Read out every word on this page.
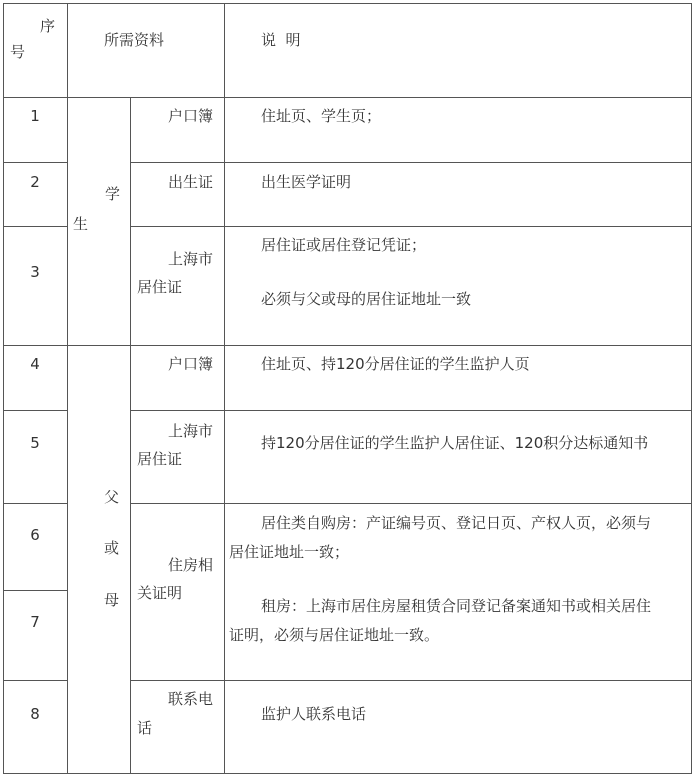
序
号
所需资料	说  明
学
生
父
或
母
1
2
3
4
5
6
7
8
户口簿
出生证
上海市
居住证
户口簿
上海市
居住证
住房相
关证明
联系电
话
住址页、学生页；
出生医学证明
居住证或居住登记凭证；
必须与父或母的居住证地址一致
住址页、持120分居住证的学生监护人页
持120分居住证的学生监护人居住证、120积分达标通知书
居住类自购房：产证编号页、登记日页、产权人页，必须与
居住证地址一致；
租房：上海市居住房屋租赁合同登记备案通知书或相关居住
证明，必须与居住证地址一致。
监护人联系电话
